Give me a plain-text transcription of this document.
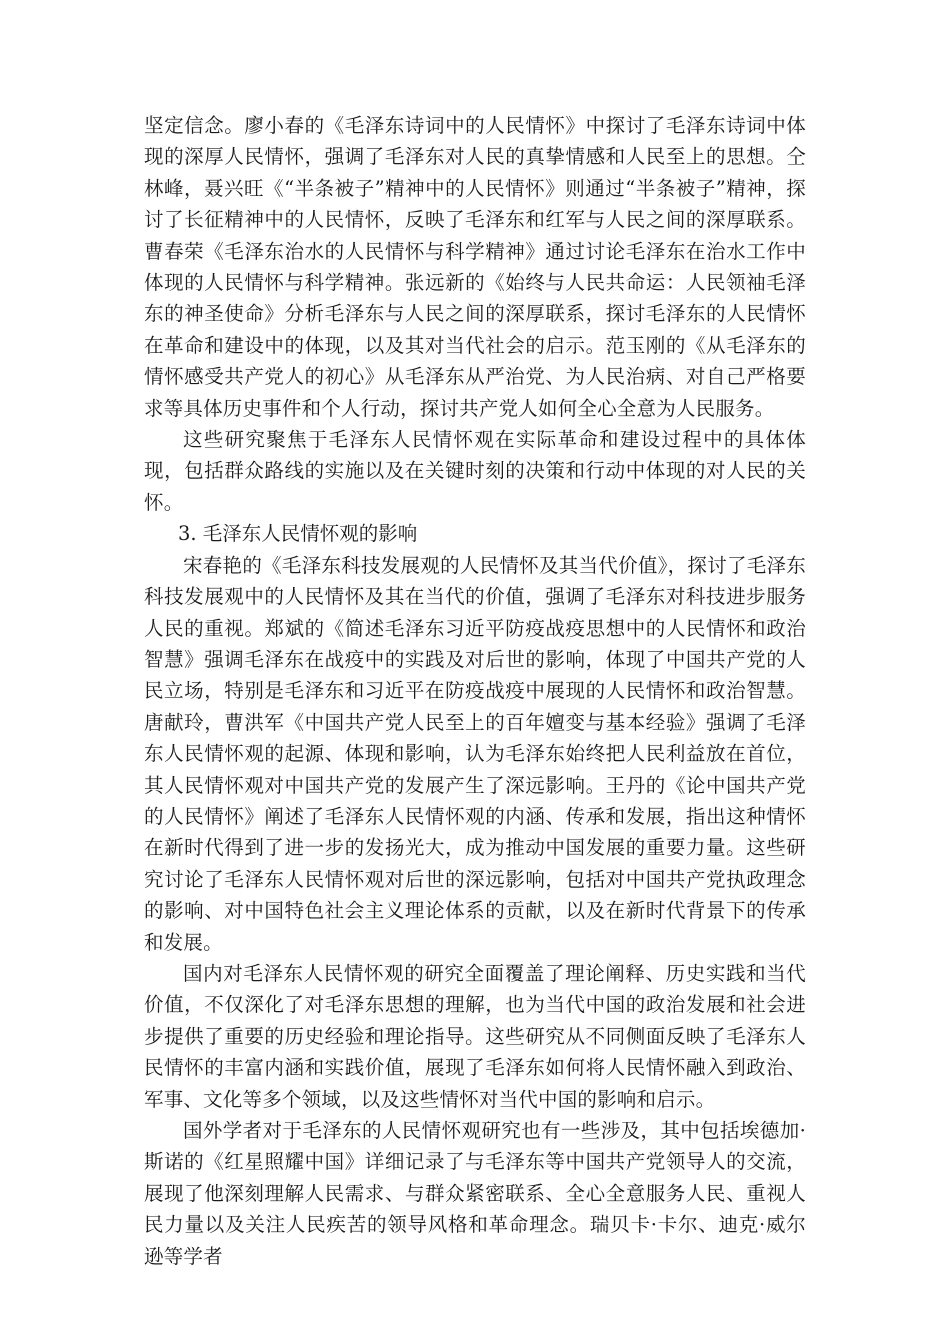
坚定信念。廖小春的《毛泽东诗词中的人民情怀》中探讨了毛泽东诗词中体现的深厚人民情怀，强调了毛泽东对人民的真挚情感和人民至上的思想。仝林峰，聂兴旺《“半条被子”精神中的人民情怀》则通过“半条被子”精神，探讨了长征精神中的人民情怀，反映了毛泽东和红军与人民之间的深厚联系。曹春荣《毛泽东治水的人民情怀与科学精神》通过讨论毛泽东在治水工作中体现的人民情怀与科学精神。张远新的《始终与人民共命运：人民领袖毛泽东的神圣使命》分析毛泽东与人民之间的深厚联系，探讨毛泽东的人民情怀在革命和建设中的体现，以及其对当代社会的启示。范玉刚的《从毛泽东的情怀感受共产党人的初心》从毛泽东从严治党、为人民治病、对自己严格要求等具体历史事件和个人行动，探讨共产党人如何全心全意为人民服务。

这些研究聚焦于毛泽东人民情怀观在实际革命和建设过程中的具体体现，包括群众路线的实施以及在关键时刻的决策和行动中体现的对人民的关怀。

3. 毛泽东人民情怀观的影响

宋春艳的《毛泽东科技发展观的人民情怀及其当代价值》，探讨了毛泽东科技发展观中的人民情怀及其在当代的价值，强调了毛泽东对科技进步服务人民的重视。郑斌的《简述毛泽东习近平防疫战疫思想中的人民情怀和政治智慧》强调毛泽东在战疫中的实践及对后世的影响，体现了中国共产党的人民立场，特别是毛泽东和习近平在防疫战疫中展现的人民情怀和政治智慧。唐献玲，曹洪军《中国共产党人民至上的百年嬗变与基本经验》强调了毛泽东人民情怀观的起源、体现和影响，认为毛泽东始终把人民利益放在首位，其人民情怀观对中国共产党的发展产生了深远影响。王丹的《论中国共产党的人民情怀》阐述了毛泽东人民情怀观的内涵、传承和发展，指出这种情怀在新时代得到了进一步的发扬光大，成为推动中国发展的重要力量。这些研究讨论了毛泽东人民情怀观对后世的深远影响，包括对中国共产党执政理念的影响、对中国特色社会主义理论体系的贡献，以及在新时代背景下的传承和发展。

国内对毛泽东人民情怀观的研究全面覆盖了理论阐释、历史实践和当代价值，不仅深化了对毛泽东思想的理解，也为当代中国的政治发展和社会进步提供了重要的历史经验和理论指导。这些研究从不同侧面反映了毛泽东人民情怀的丰富内涵和实践价值，展现了毛泽东如何将人民情怀融入到政治、军事、文化等多个领域，以及这些情怀对当代中国的影响和启示。

国外学者对于毛泽东的人民情怀观研究也有一些涉及，其中包括埃德加·斯诺的《红星照耀中国》详细记录了与毛泽东等中国共产党领导人的交流，展现了他深刻理解人民需求、与群众紧密联系、全心全意服务人民、重视人民力量以及关注人民疾苦的领导风格和革命理念。瑞贝卡·卡尔、迪克·威尔逊等学者
